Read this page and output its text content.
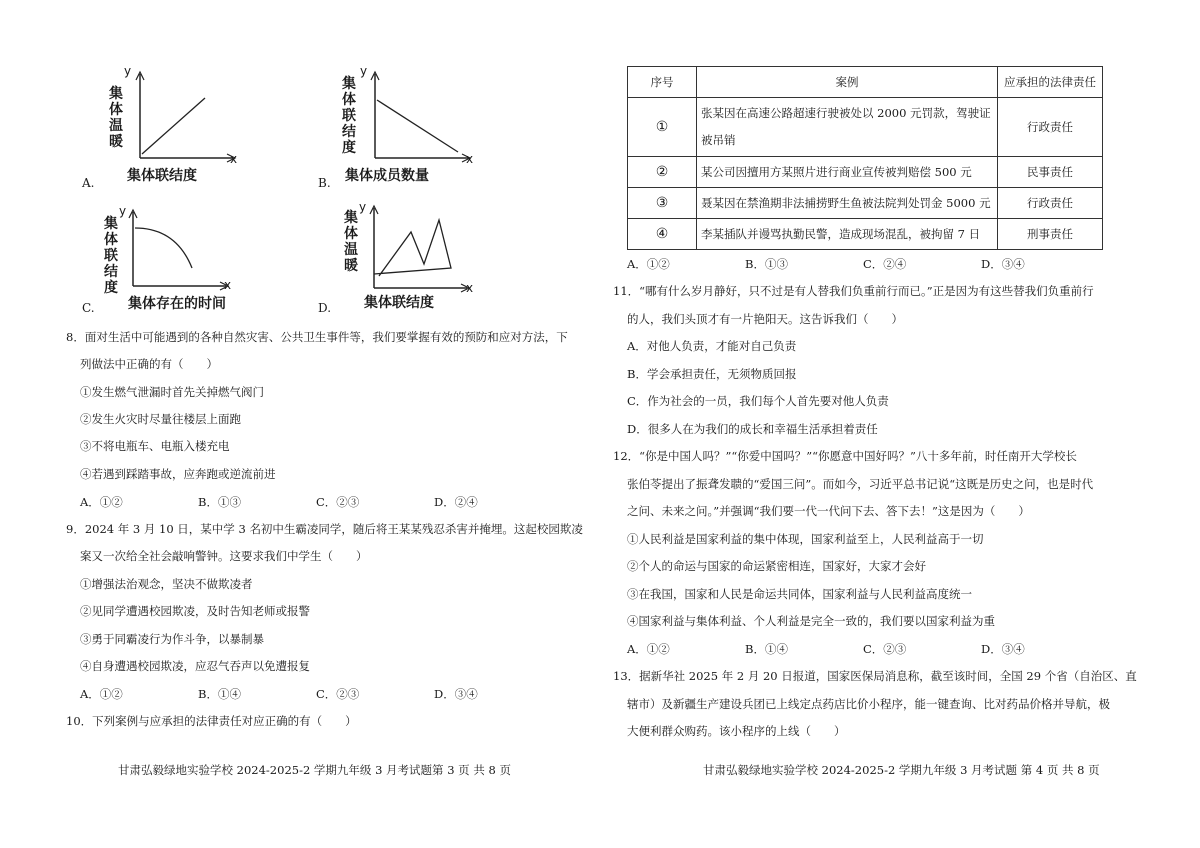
集体温暖
y
x
集体联结度
A.
集体联结度
y
x
集体成员数量
B.
集体联结度
y
x
集体存在的时间
C.
集体温暖
y
x
集体联结度
D.
8．面对生活中可能遇到的各种自然灾害、公共卫生事件等，我们要掌握有效的预防和应对方法，下
列做法中正确的有（　　）
①发生燃气泄漏时首先关掉燃气阀门
②发生火灾时尽量往楼层上面跑
③不将电瓶车、电瓶入楼充电
④若遇到踩踏事故，应奔跑或逆流前进
A．①②	B．①③	C．②③	D．②④
9．2024 年 3 月 10 日，某中学 3 名初中生霸凌同学，随后将王某某残忍杀害并掩埋。这起校园欺凌
案又一次给全社会敲响警钟。这要求我们中学生（　　）
①增强法治观念，坚决不做欺凌者
②见同学遭遇校园欺凌，及时告知老师或报警
③勇于同霸凌行为作斗争，以暴制暴
④自身遭遇校园欺凌，应忍气吞声以免遭报复
A．①②	B．①④	C．②③	D．③④
10．下列案例与应承担的法律责任对应正确的有（　　）
甘肃弘毅绿地实验学校 2024-2025-2 学期九年级 3 月考试题第 3 页 共 8 页
序号	案例	应承担的法律责任
①	张某因在高速公路超速行驶被处以 2000 元罚款，驾驶证
被吊销	行政责任
②	某公司因擅用方某照片进行商业宣传被判赔偿 500 元	民事责任
③	聂某因在禁渔期非法捕捞野生鱼被法院判处罚金 5000 元	行政责任
④	李某插队并谩骂执勤民警，造成现场混乱，被拘留 7 日	刑事责任
A．①②	B．①③	C．②④	D．③④
11．“哪有什么岁月静好，只不过是有人替我们负重前行而已。”正是因为有这些替我们负重前行
的人，我们头顶才有一片艳阳天。这告诉我们（　　）
A．对他人负责，才能对自己负责
B．学会承担责任，无须物质回报
C．作为社会的一员，我们每个人首先要对他人负责
D．很多人在为我们的成长和幸福生活承担着责任
12．“你是中国人吗？”“你爱中国吗？”“你愿意中国好吗？”八十多年前，时任南开大学校长
张伯苓提出了振聋发聩的“爱国三问”。而如今，习近平总书记说“这既是历史之问，也是时代
之问、未来之问。”并强调“我们要一代一代问下去、答下去！”这是因为（　　）
①人民利益是国家利益的集中体现，国家利益至上，人民利益高于一切
②个人的命运与国家的命运紧密相连，国家好，大家才会好
③在我国，国家和人民是命运共同体，国家利益与人民利益高度统一
④国家利益与集体利益、个人利益是完全一致的，我们要以国家利益为重
A．①②	B．①④	C．②③	D．③④
13．据新华社 2025 年 2 月 20 日报道，国家医保局消息称，截至该时间，全国 29 个省（自治区、直
辖市）及新疆生产建设兵团已上线定点药店比价小程序，能一键查询、比对药品价格并导航，极
大便利群众购药。该小程序的上线（　　）
甘肃弘毅绿地实验学校 2024-2025-2 学期九年级 3 月考试题 第 4 页 共 8 页
